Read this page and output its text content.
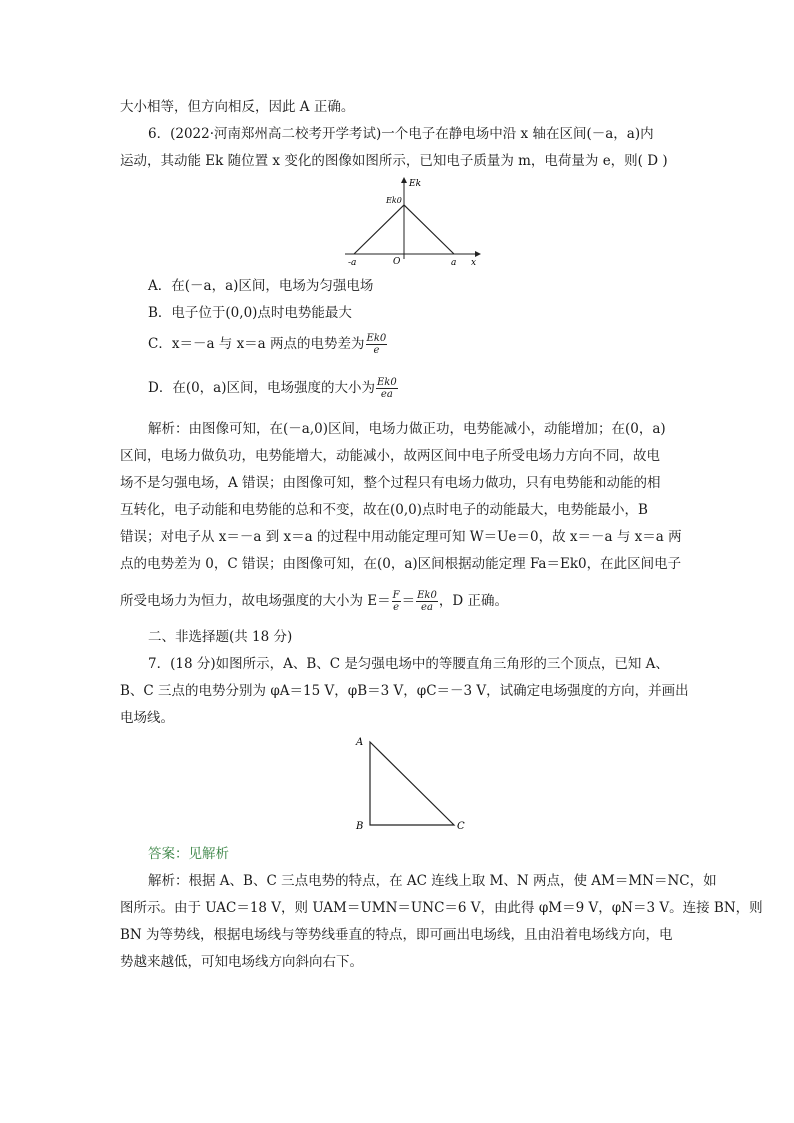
大小相等，但方向相反，因此 A 正确。
6．(2022·河南郑州高二校考开学考试)一个电子在静电场中沿 x 轴在区间(－a，a)内
运动，其动能 Ek 随位置 x 变化的图像如图所示，已知电子质量为 m，电荷量为 e，则( D )
Ek
Ek0
O
-a	a x
A．在(－a，a)区间，电场为匀强电场
B．电子位于(0,0)点时电势能最大
C．x＝－a 与 x＝a 两点的电势差为 $\frac{Ek0}{e}$
D．在(0，a)区间，电场强度的大小为 $\frac{Ek0}{ea}$
解析：由图像可知，在(－a,0)区间，电场力做正功，电势能减小，动能增加；在(0，a)
区间，电场力做负功，电势能增大，动能减小，故两区间中电子所受电场力方向不同，故电
场不是匀强电场，A 错误；由图像可知，整个过程只有电场力做功，只有电势能和动能的相
互转化，电子动能和电势能的总和不变，故在(0,0)点时电子的动能最大，电势能最小，B
错误；对电子从 x＝－a 到 x＝a 的过程中用动能定理可知 W＝Ue＝0，故 x＝－a 与 x＝a 两
点的电势差为 0，C 错误；由图像可知，在(0，a)区间根据动能定理 Fa＝Ek0，在此区间电子
所受电场力为恒力，故电场强度的大小为 $E= \frac{F}{e} = \frac{Ek0}{ea}$ ，D 正确。
二、非选择题(共 18 分)
7．(18 分)如图所示，A、B、C 是匀强电场中的等腰直角三角形的三个顶点，已知 A、
B、C 三点的电势分别为 φA＝15 V，φB＝3 V，φC＝－3 V，试确定电场强度的方向，并画出
电场线。
A
B	C
答案：见解析
解析：根据 A、B、C 三点电势的特点，在 AC 连线上取 M、N 两点，使 AM＝MN＝NC，如
图所示。由于 UAC＝18 V，则 UAM＝UMN＝UNC＝6 V，由此得 φM＝9 V，φN＝3 V。连接 BN，则
BN 为等势线，根据电场线与等势线垂直的特点，即可画出电场线，且由沿着电场线方向，电
势越来越低，可知电场线方向斜向右下。
